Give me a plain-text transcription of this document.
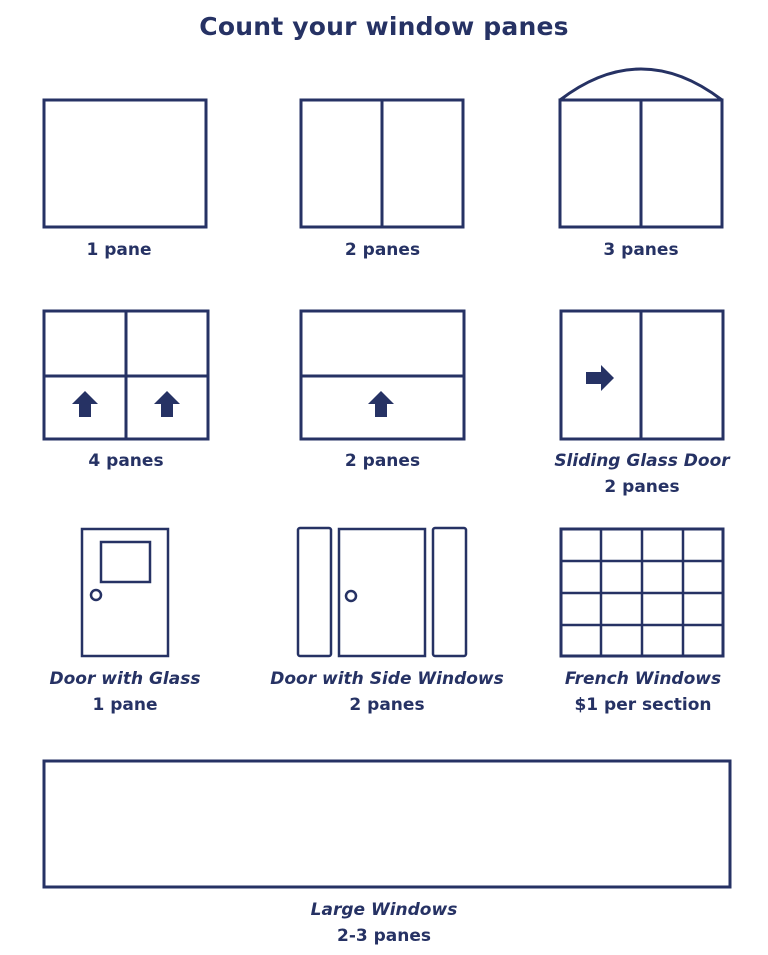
Count your window panes
1 pane	2 panes	3 panes
4 panes	2 panes	Sliding Glass Door
2 panes
Door with Glass
1 pane
Door with Side Windows
2 panes
French Windows
$1 per section
Large Windows
2-3 panes
